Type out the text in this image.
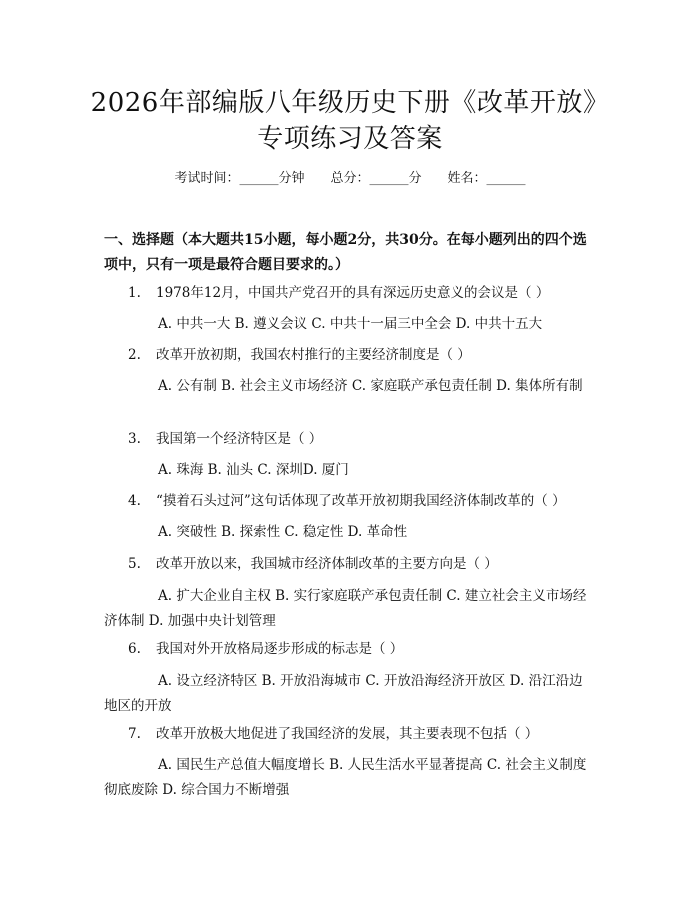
2026年部编版八年级历史下册《改革开放》
专项练习及答案
考试时间：______分钟 总分：______分 姓名：______
一、选择题（本大题共15小题，每小题2分，共30分。在每小题列出的四个选项中，只有一项是最符合题目要求的。）
1. 1978年12月，中国共产党召开的具有深远历史意义的会议是（ ）
A. 中共一大 B. 遵义会议 C. 中共十一届三中全会 D. 中共十五大
2. 改革开放初期，我国农村推行的主要经济制度是（ ）
A. 公有制 B. 社会主义市场经济 C. 家庭联产承包责任制 D. 集体所有制
3. 我国第一个经济特区是（ ）
A. 珠海 B. 汕头 C. 深圳D. 厦门
4. “摸着石头过河”这句话体现了改革开放初期我国经济体制改革的（ ）
A. 突破性 B. 探索性 C. 稳定性 D. 革命性
5. 改革开放以来，我国城市经济体制改革的主要方向是（ ）
A. 扩大企业自主权 B. 实行家庭联产承包责任制 C. 建立社会主义市场经济体制 D. 加强中央计划管理
6. 我国对外开放格局逐步形成的标志是（ ）
A. 设立经济特区 B. 开放沿海城市 C. 开放沿海经济开放区 D. 沿江沿边地区的开放
7. 改革开放极大地促进了我国经济的发展，其主要表现不包括（ ）
A. 国民生产总值大幅度增长 B. 人民生活水平显著提高 C. 社会主义制度彻底废除 D. 综合国力不断增强
